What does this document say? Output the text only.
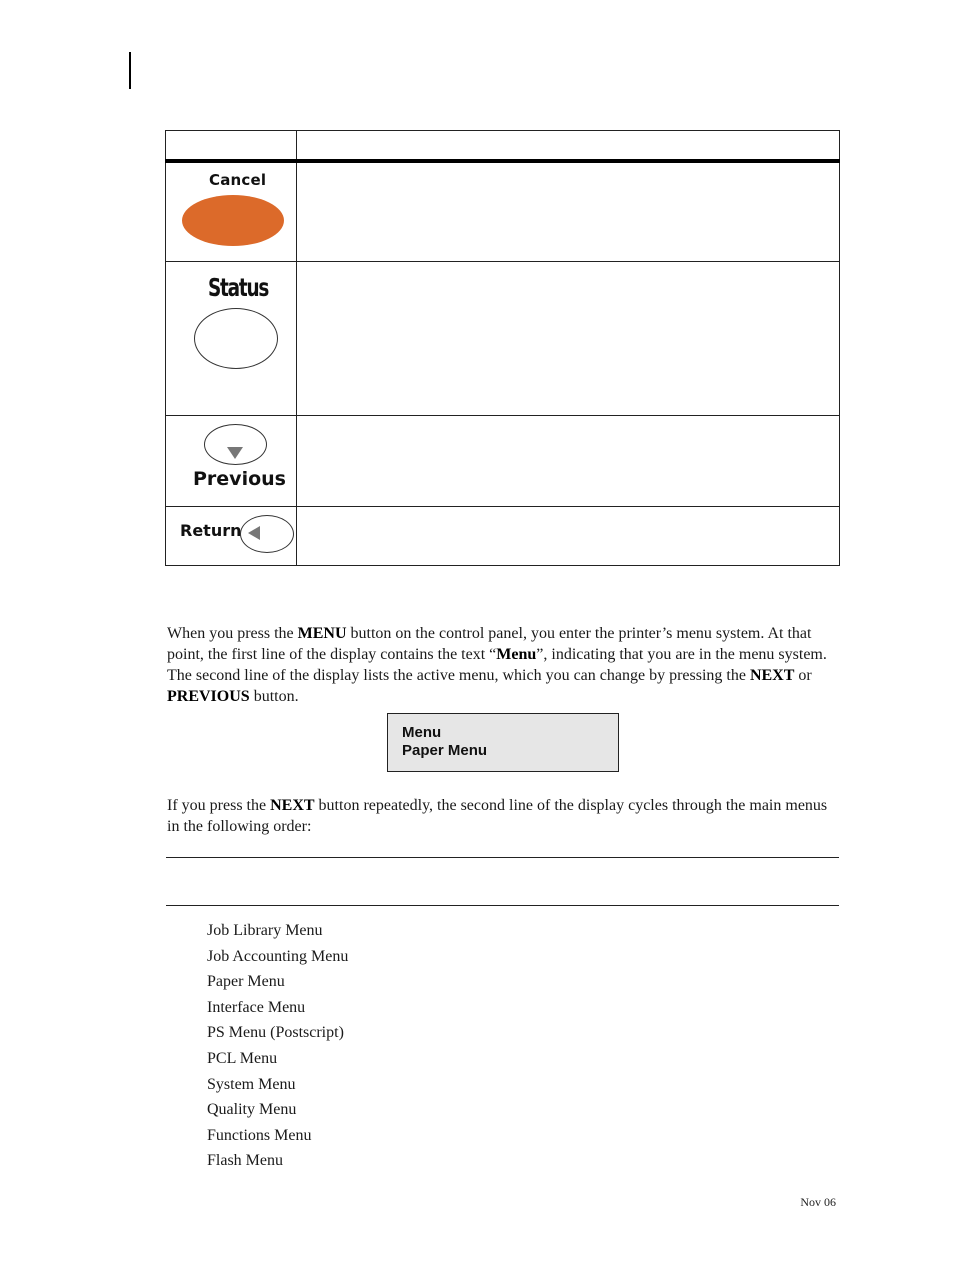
Cancel	

Status	

Previous	

Return	

When you press the MENU button on the control panel, you enter the printer’s menu system. At that point, the first line of the display contains the text “Menu”, indicating that you are in the menu system. The second line of the display lists the active menu, which you can change by pressing the NEXT or PREVIOUS button.
Menu
Paper Menu
If you press the NEXT button repeatedly, the second line of the display cycles through the main menus in the following order:
Job Library Menu
Job Accounting Menu
Paper Menu
Interface Menu
PS Menu (Postscript)
PCL Menu
System Menu
Quality Menu
Functions Menu
Flash Menu
Nov 06
